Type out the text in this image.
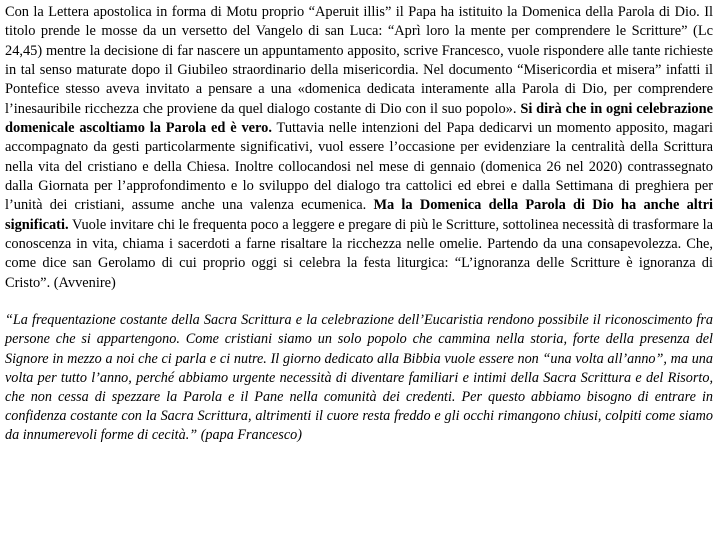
Con la Lettera apostolica in forma di Motu proprio “Aperuit illis” il Papa ha istituito la Domenica della Parola di Dio. Il titolo prende le mosse da un versetto del Vangelo di san Luca: “Aprì loro la mente per comprendere le Scritture” (Lc 24,45) mentre la decisione di far nascere un appuntamento apposito, scrive Francesco, vuole rispondere alle tante richieste in tal senso maturate dopo il Giubileo straordinario della misericordia. Nel documento “Misericordia et misera” infatti il Pontefice stesso aveva invitato a pensare a una «domenica dedicata interamente alla Parola di Dio, per comprendere l’inesauribile ricchezza che proviene da quel dialogo costante di Dio con il suo popolo». Si dirà che in ogni celebrazione domenicale ascoltiamo la Parola ed è vero. Tuttavia nelle intenzioni del Papa dedicarvi un momento apposito, magari accompagnato da gesti particolarmente significativi, vuol essere l’occasione per evidenziare la centralità della Scrittura nella vita del cristiano e della Chiesa. Inoltre collocandosi nel mese di gennaio (domenica 26 nel 2020) contrassegnato dalla Giornata per l’approfondimento e lo sviluppo del dialogo tra cattolici ed ebrei e dalla Settimana di preghiera per l’unità dei cristiani, assume anche una valenza ecumenica. Ma la Domenica della Parola di Dio ha anche altri significati. Vuole invitare chi le frequenta poco a leggere e pregare di più le Scritture, sottolinea necessità di trasformare la conoscenza in vita, chiama i sacerdoti a farne risaltare la ricchezza nelle omelie. Partendo da una consapevolezza. Che, come dice san Gerolamo di cui proprio oggi si celebra la festa liturgica: “L’ignoranza delle Scritture è ignoranza di Cristo”. (Avvenire)

“La frequentazione costante della Sacra Scrittura e la celebrazione dell’Eucaristia rendono possibile il riconoscimento fra persone che si appartengono. Come cristiani siamo un solo popolo che cammina nella storia, forte della presenza del Signore in mezzo a noi che ci parla e ci nutre. Il giorno dedicato alla Bibbia vuole essere non “una volta all’anno”, ma una volta per tutto l’anno, perché abbiamo urgente necessità di diventare familiari e intimi della Sacra Scrittura e del Risorto, che non cessa di spezzare la Parola e il Pane nella comunità dei credenti. Per questo abbiamo bisogno di entrare in confidenza costante con la Sacra Scrittura, altrimenti il cuore resta freddo e gli occhi rimangono chiusi, colpiti come siamo da innumerevoli forme di cecità.” (papa Francesco)
